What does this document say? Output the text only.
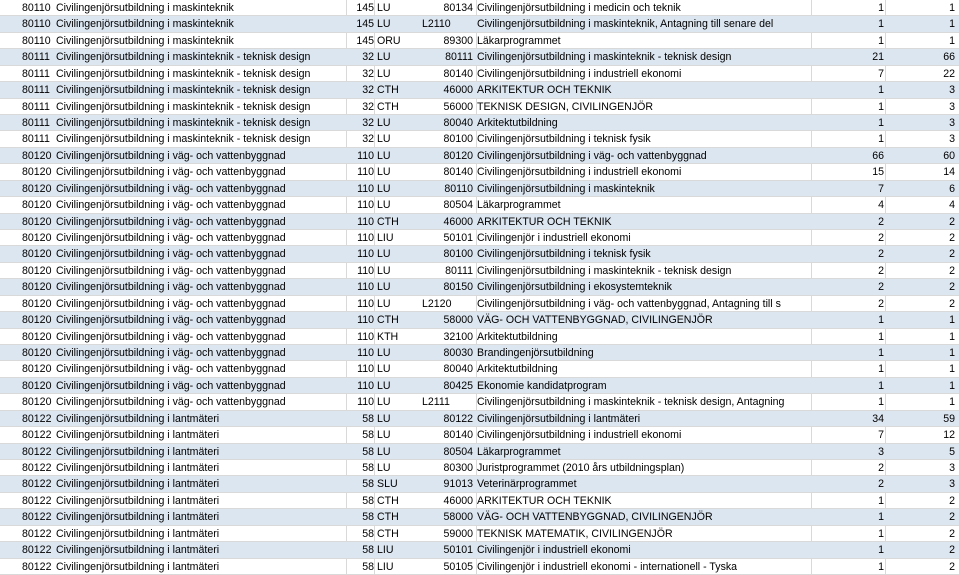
80110 Civilingenjörsutbildning i maskinteknik	145 LU	80134 Civilingenjörsutbildning i medicin och teknik	1	1
80110 Civilingenjörsutbildning i maskinteknik	145 LU	L2110 Civilingenjörsutbildning i maskinteknik, Antagning till senare del	1	1
80110 Civilingenjörsutbildning i maskinteknik	145 ORU	89300 Läkarprogrammet	1	1
80111 Civilingenjörsutbildning i maskinteknik - teknisk design	32 LU	80111 Civilingenjörsutbildning i maskinteknik - teknisk design	21	66
80111 Civilingenjörsutbildning i maskinteknik - teknisk design	32 LU	80140 Civilingenjörsutbildning i industriell ekonomi	7	22
80111 Civilingenjörsutbildning i maskinteknik - teknisk design	32 CTH	46000 ARKITEKTUR OCH TEKNIK	1	3
80111 Civilingenjörsutbildning i maskinteknik - teknisk design	32 CTH	56000 TEKNISK DESIGN, CIVILINGENJÖR	1	3
80111 Civilingenjörsutbildning i maskinteknik - teknisk design	32 LU	80040 Arkitektutbildning	1	3
80111 Civilingenjörsutbildning i maskinteknik - teknisk design	32 LU	80100 Civilingenjörsutbildning i teknisk fysik	1	3
80120 Civilingenjörsutbildning i väg- och vattenbyggnad	110 LU	80120 Civilingenjörsutbildning i väg- och vattenbyggnad	66	60
80120 Civilingenjörsutbildning i väg- och vattenbyggnad	110 LU	80140 Civilingenjörsutbildning i industriell ekonomi	15	14
80120 Civilingenjörsutbildning i väg- och vattenbyggnad	110 LU	80110 Civilingenjörsutbildning i maskinteknik	7	6
80120 Civilingenjörsutbildning i väg- och vattenbyggnad	110 LU	80504 Läkarprogrammet	4	4
80120 Civilingenjörsutbildning i väg- och vattenbyggnad	110 CTH	46000 ARKITEKTUR OCH TEKNIK	2	2
80120 Civilingenjörsutbildning i väg- och vattenbyggnad	110 LIU	50101 Civilingenjör i industriell ekonomi	2	2
80120 Civilingenjörsutbildning i väg- och vattenbyggnad	110 LU	80100 Civilingenjörsutbildning i teknisk fysik	2	2
80120 Civilingenjörsutbildning i väg- och vattenbyggnad	110 LU	80111 Civilingenjörsutbildning i maskinteknik - teknisk design	2	2
80120 Civilingenjörsutbildning i väg- och vattenbyggnad	110 LU	80150 Civilingenjörsutbildning i ekosystemteknik	2	2
80120 Civilingenjörsutbildning i väg- och vattenbyggnad	110 LU	L2120 Civilingenjörsutbildning i väg- och vattenbyggnad, Antagning till s	2	2
80120 Civilingenjörsutbildning i väg- och vattenbyggnad	110 CTH	58000 VÄG- OCH VATTENBYGGNAD, CIVILINGENJÖR	1	1
80120 Civilingenjörsutbildning i väg- och vattenbyggnad	110 KTH	32100 Arkitektutbildning	1	1
80120 Civilingenjörsutbildning i väg- och vattenbyggnad	110 LU	80030 Brandingenjörsutbildning	1	1
80120 Civilingenjörsutbildning i väg- och vattenbyggnad	110 LU	80040 Arkitektutbildning	1	1
80120 Civilingenjörsutbildning i väg- och vattenbyggnad	110 LU	80425 Ekonomie kandidatprogram	1	1
80120 Civilingenjörsutbildning i väg- och vattenbyggnad	110 LU	L2111	Civilingenjörsutbildning i maskinteknik - teknisk design, Antagning	1	1
80122 Civilingenjörsutbildning i lantmäteri	58 LU	80122 Civilingenjörsutbildning i lantmäteri	34	59
80122 Civilingenjörsutbildning i lantmäteri	58 LU	80140 Civilingenjörsutbildning i industriell ekonomi	7	12
80122 Civilingenjörsutbildning i lantmäteri	58 LU	80504 Läkarprogrammet	3	5
80122 Civilingenjörsutbildning i lantmäteri	58 LU	80300 Juristprogrammet (2010 års utbildningsplan)	2	3
80122 Civilingenjörsutbildning i lantmäteri	58 SLU	91013 Veterinärprogrammet	2	3
80122 Civilingenjörsutbildning i lantmäteri	58 CTH	46000 ARKITEKTUR OCH TEKNIK	1	2
80122 Civilingenjörsutbildning i lantmäteri	58 CTH	58000 VÄG- OCH VATTENBYGGNAD, CIVILINGENJÖR	1	2
80122 Civilingenjörsutbildning i lantmäteri	58 CTH	59000 TEKNISK MATEMATIK, CIVILINGENJÖR	1	2
80122 Civilingenjörsutbildning i lantmäteri	58 LIU	50101 Civilingenjör i industriell ekonomi	1	2
80122 Civilingenjörsutbildning i lantmäteri	58 LIU	50105 Civilingenjör i industriell ekonomi - internationell - Tyska	1	2
